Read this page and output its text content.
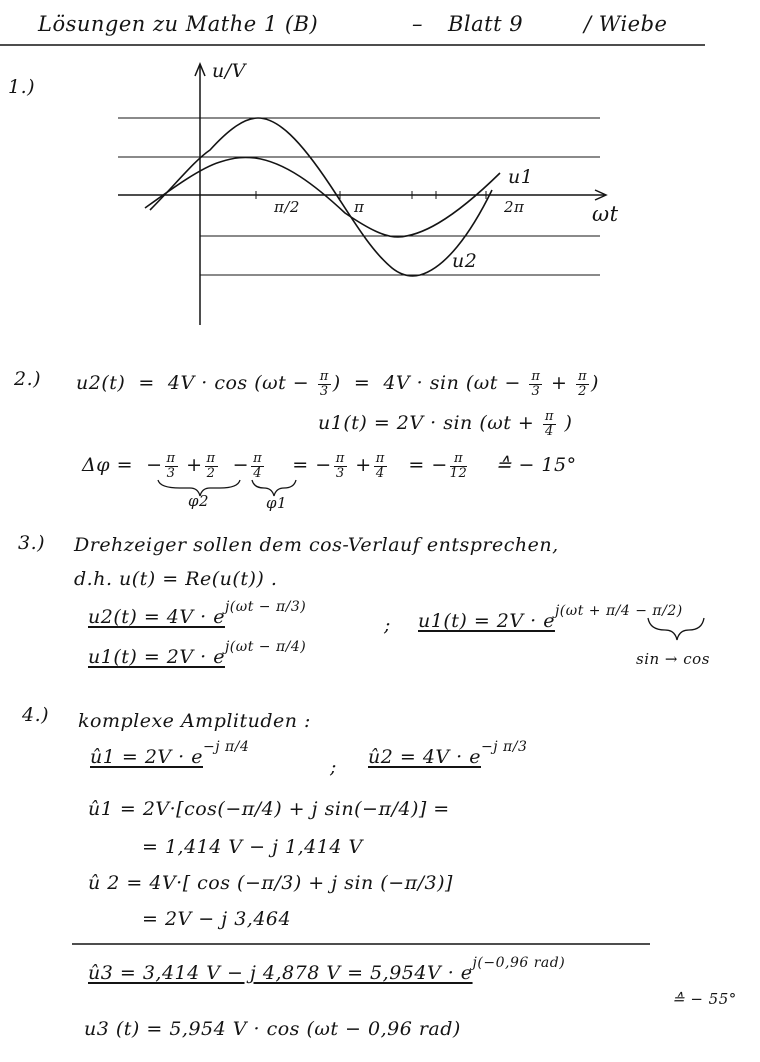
Lösungen zu Mathe 1 (B)	– Blatt 9	/ Wiebe
1.)
u/V
ωt
π/2	π	2π
u1
u2
2.) $u2(t) = 4V \cdot \cos (\omega t - \frac{\pi}{3}$ ) = $4V \cdot \sin (\omega t - \frac{\pi}{3} + \frac{\pi}{2}$ )
$u1(t) = 2V \cdot \sin (\omega t + \frac{\pi}{4}$ )
Δφ = − $\frac{\pi}{3} + \frac{\pi}{2} - \frac{\pi}{4}$ = − $\frac{\pi}{3} + \frac{\pi}{4}$ = − $\frac{\pi}{12}$ ≙ − 15°
φ2	φ1
3.) Drehzeiger sollen dem cos-Verlauf entsprechen,
d.h. u(t) = Re(u(t)) .
$u2(t) = 4V \cdot e^{j(\omega t - \pi/3)}$
; $u1(t) = 2V \cdot e^{j(\omega t + \pi/4 - \pi/2)}$
$u1(t) = 2V \cdot e^{j(\omega t - \pi/4)}$
sin → cos
4.) komplexe Amplituden :
û1 = $2V \cdot e^{-j \pi/4}$
; û2 = $4V \cdot e^{-j \pi/3}$
û1 = 2V·[cos(−π/4) + j sin(−π/4)] =
= 1,414 V − j 1,414 V
û 2 = 4V·[ cos (−π/3) + j sin (−π/3)]
= 2V − j 3,464
û3 = 3,414 V − j 4,878 $V = 5,954V \cdot e^{j(-0,96 rad)}$
≙ − 55°
u3 (t) = 5,954 V · cos (ωt − 0,96 rad)
